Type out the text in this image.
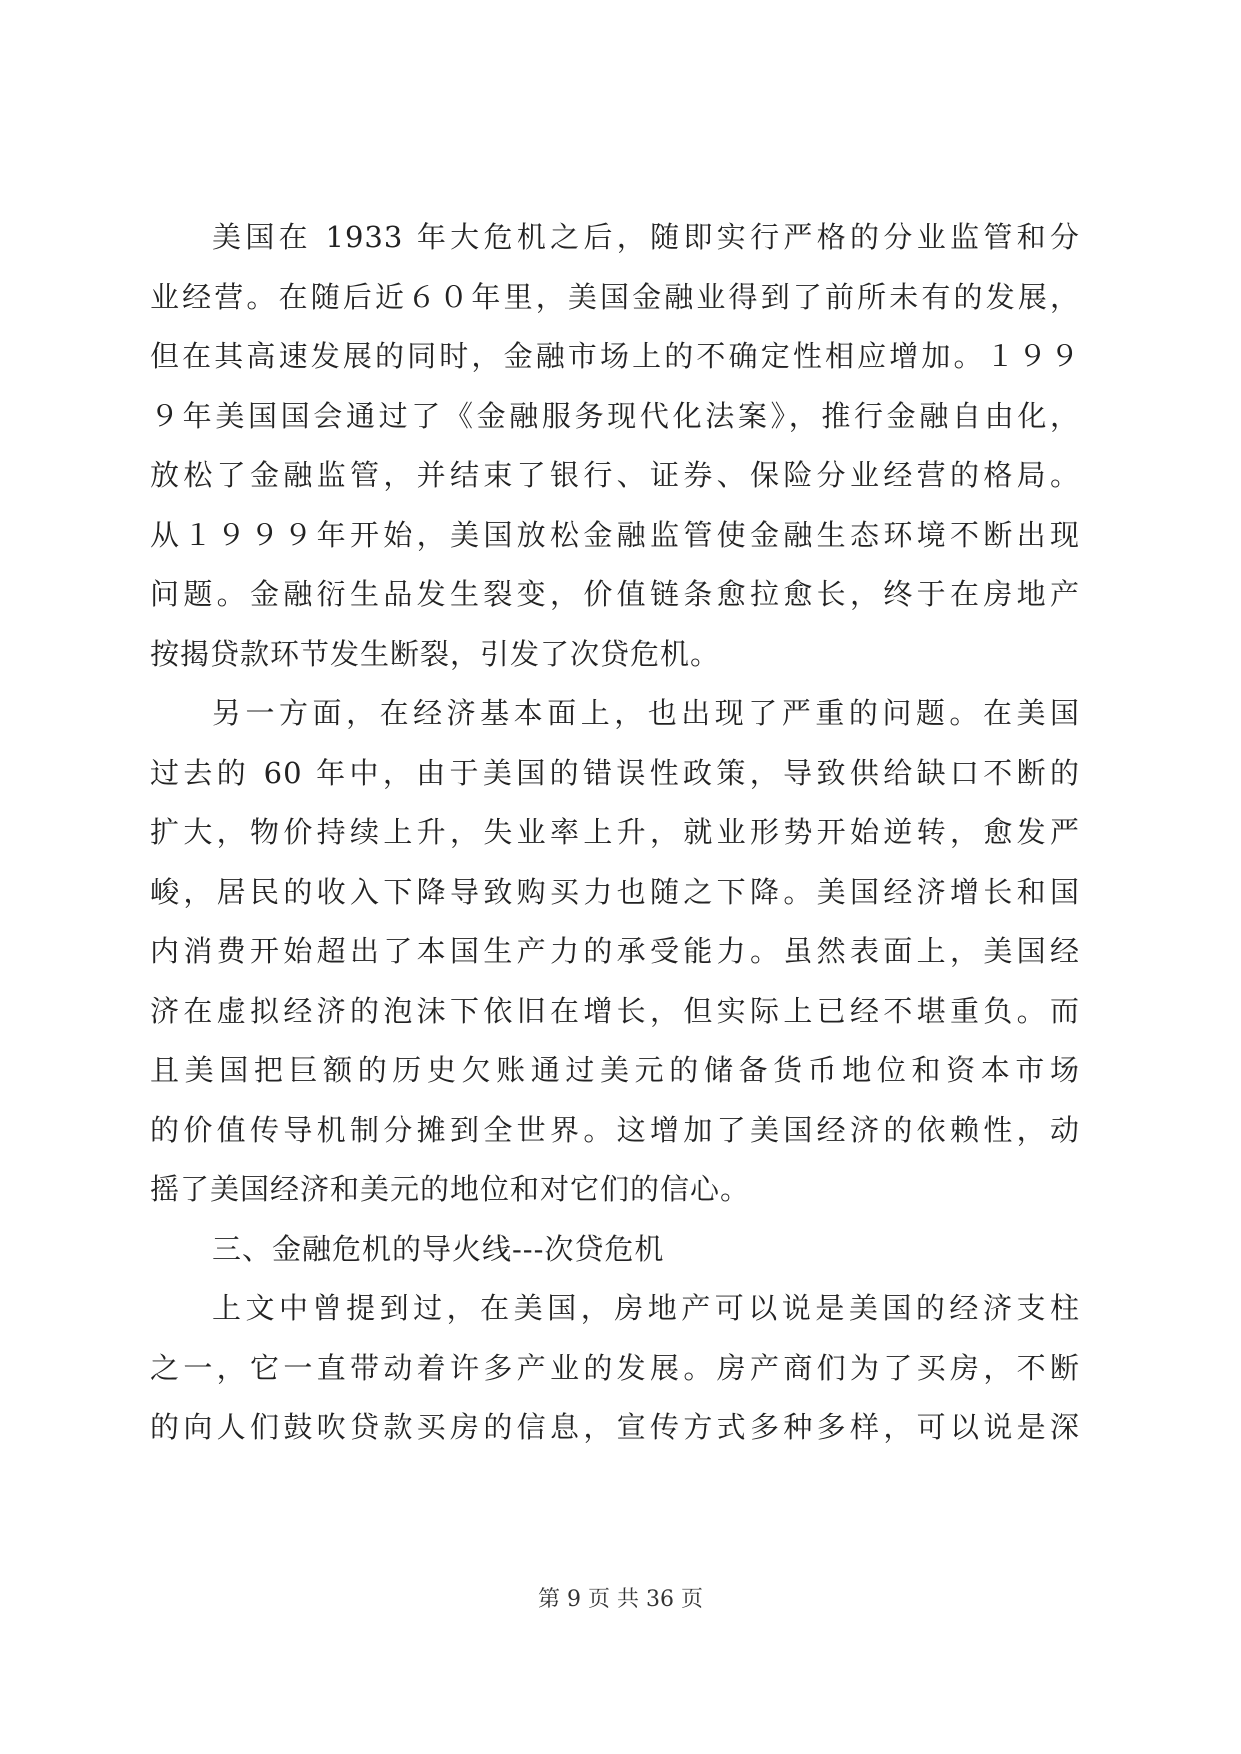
美国在 1933 年大危机之后，随即实行严格的分业监管和分
业经营。在随后近６０年里，美国金融业得到了前所未有的发展，
但在其高速发展的同时，金融市场上的不确定性相应增加。１９９
９年美国国会通过了《金融服务现代化法案》，推行金融自由化，
放松了金融监管，并结束了银行、证券、保险分业经营的格局。
从１９９９年开始，美国放松金融监管使金融生态环境不断出现
问题。金融衍生品发生裂变，价值链条愈拉愈长，终于在房地产
按揭贷款环节发生断裂，引发了次贷危机。
另一方面，在经济基本面上，也出现了严重的问题。在美国
过去的 60 年中，由于美国的错误性政策，导致供给缺口不断的
扩大，物价持续上升，失业率上升，就业形势开始逆转，愈发严
峻，居民的收入下降导致购买力也随之下降。美国经济增长和国
内消费开始超出了本国生产力的承受能力。虽然表面上，美国经
济在虚拟经济的泡沫下依旧在增长，但实际上已经不堪重负。而
且美国把巨额的历史欠账通过美元的储备货币地位和资本市场
的价值传导机制分摊到全世界。这增加了美国经济的依赖性，动
摇了美国经济和美元的地位和对它们的信心。
三、金融危机的导火线---次贷危机
上文中曾提到过，在美国，房地产可以说是美国的经济支柱
之一，它一直带动着许多产业的发展。房产商们为了买房，不断
的向人们鼓吹贷款买房的信息，宣传方式多种多样，可以说是深
第 9 页 共 36 页
